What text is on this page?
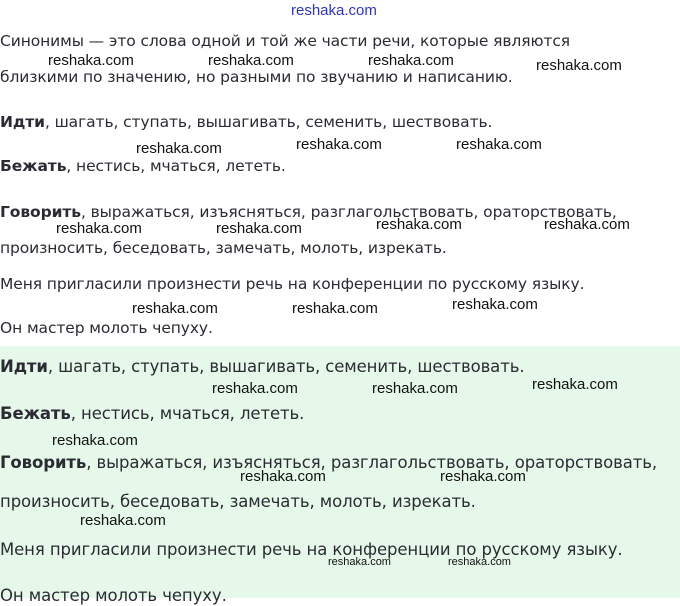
Синонимы — это слова одной и той же части речи, которые являются
близкими по значению, но разными по звучанию и написанию.
Идти, шагать, ступать, вышагивать, семенить, шествовать.
Бежать, нестись, мчаться, лететь.
Говорить, выражаться, изъясняться, разглагольствовать, ораторствовать,
произносить, беседовать, замечать, молоть, изрекать.
Меня пригласили произнести речь на конференции по русскому языку.
Он мастер молоть чепуху.
Идти, шагать, ступать, вышагивать, семенить, шествовать.
Бежать, нестись, мчаться, лететь.
Говорить, выражаться, изъясняться, разглагольствовать, ораторствовать,
произносить, беседовать, замечать, молоть, изрекать.
Меня пригласили произнести речь на конференции по русскому языку.
Он мастер молоть чепуху.
reshaka.com
reshaka.com	reshaka.com	reshaka.com	reshaka.com
reshaka.com	reshaka.com	reshaka.com
reshaka.com	reshaka.com	reshaka.com	reshaka.com
reshaka.com	reshaka.com	reshaka.com
reshaka.com	reshaka.com	reshaka.com
reshaka.com
reshaka.com	reshaka.com
reshaka.com
reshaka.com	reshaka.com
